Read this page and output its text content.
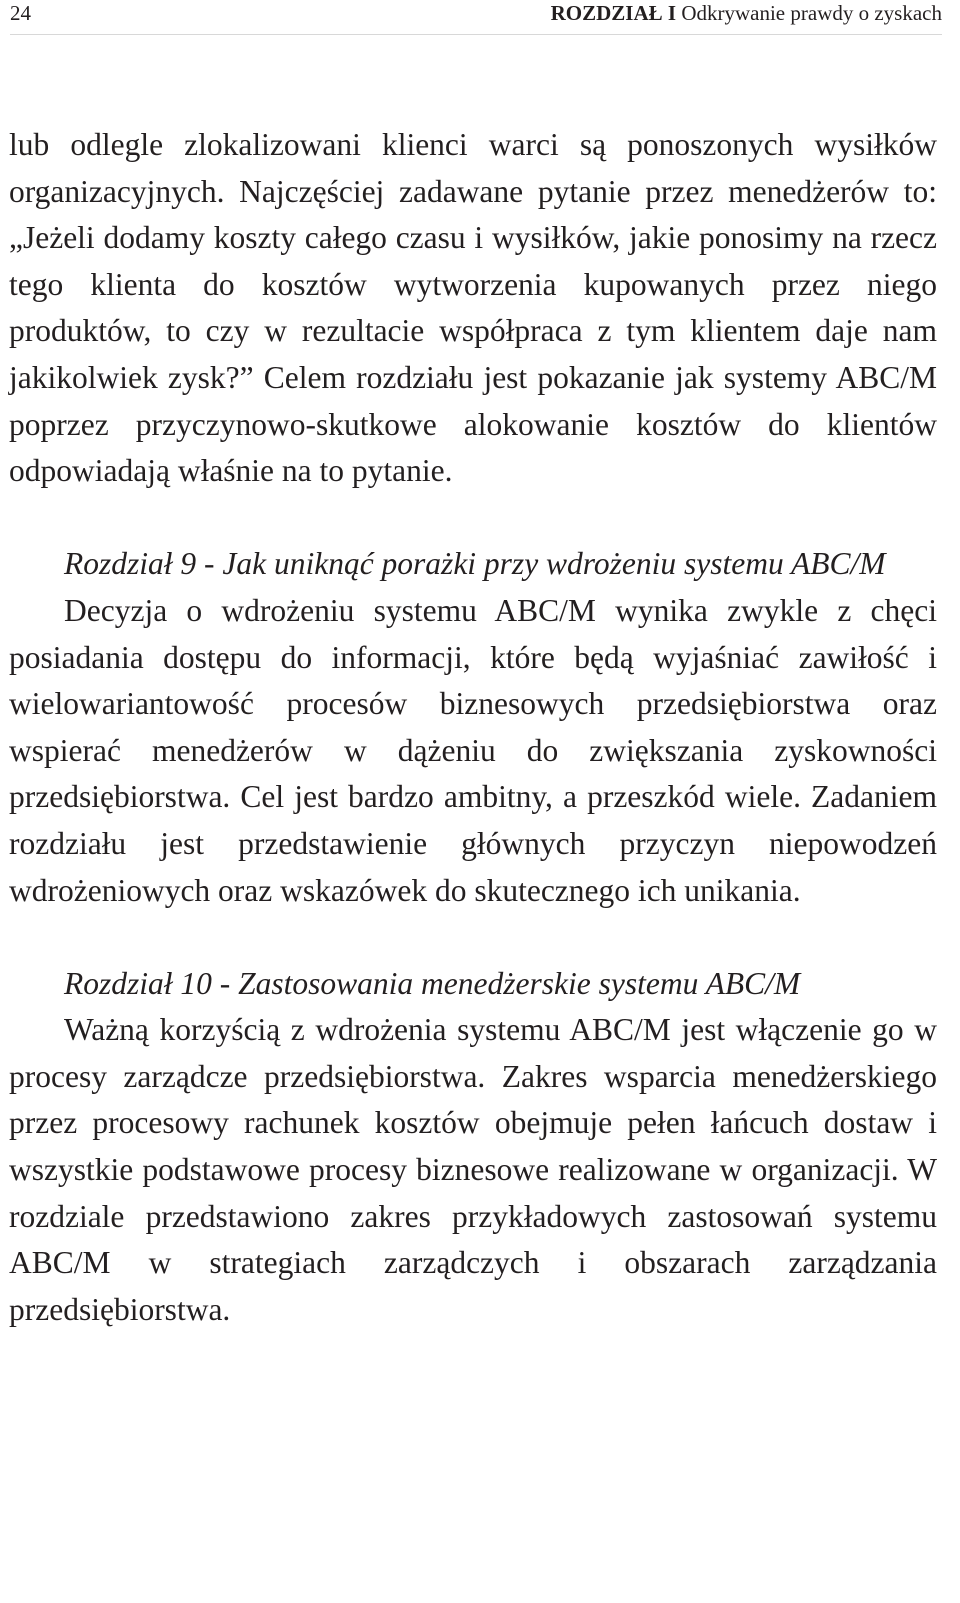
24	ROZDZIAŁ I Odkrywanie prawdy o zyskach

lub odlegle zlokalizowani klienci warci są ponoszonych wysiłków organizacyjnych. Najczęściej zadawane pytanie przez menedżerów to: „Jeżeli dodamy koszty całego czasu i wysiłków, jakie ponosimy na rzecz tego klienta do kosztów wytworzenia kupowanych przez niego produktów, to czy w rezultacie współpraca z tym klientem daje nam jakikolwiek zysk?” Celem rozdziału jest pokazanie jak systemy ABC/M poprzez przyczynowo-skutkowe alokowanie kosztów do klientów odpowiadają właśnie na to pytanie.

Rozdział 9 - Jak uniknąć porażki przy wdrożeniu systemu ABC/M

Decyzja o wdrożeniu systemu ABC/M wynika zwykle z chęci posiadania dostępu do informacji, które będą wyjaśniać zawiłość i wielowariantowość procesów biznesowych przedsiębiorstwa oraz wspierać menedżerów w dążeniu do zwiększania zyskowności przedsiębiorstwa. Cel jest bardzo ambitny, a przeszkód wiele. Zadaniem rozdziału jest przedstawienie głównych przyczyn niepowodzeń wdrożeniowych oraz wskazówek do skutecznego ich unikania.

Rozdział 10 - Zastosowania menedżerskie systemu ABC/M

Ważną korzyścią z wdrożenia systemu ABC/M jest włączenie go w procesy zarządcze przedsiębiorstwa. Zakres wsparcia menedżerskiego przez procesowy rachunek kosztów obejmuje pełen łańcuch dostaw i wszystkie podstawowe procesy biznesowe realizowane w organizacji. W rozdziale przedstawiono zakres przykładowych zastosowań systemu ABC/M w strategiach zarządczych i obszarach zarządzania przedsiębiorstwa.
